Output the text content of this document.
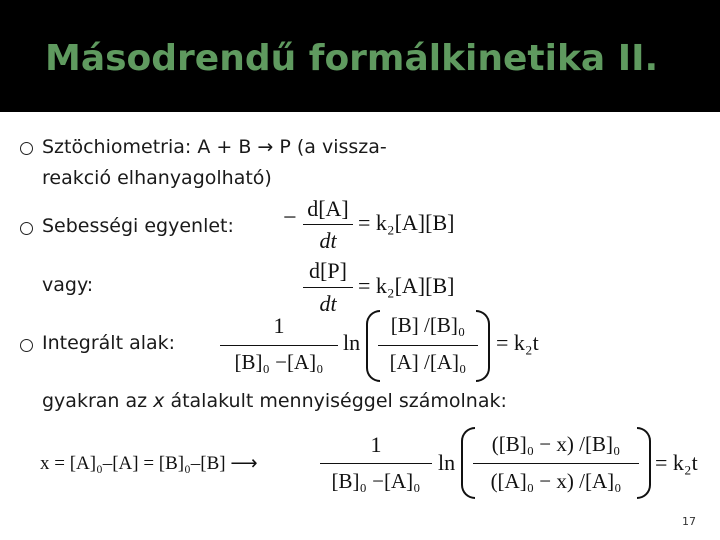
Másodrendű formálkinetika II.
Sztöchiometria: A + B → P (a vissza-
reakció elhanyagolható)
Sebességi egyenlet: − d[A]
dt
= k₂[A][B]
vagy:
d[P]
dt
= k₂[A][B]
Integrált alak:
1
[B]₀ −[A]₀
ln
[B] /[B]₀
[A] /[A]₀
= k₂t
gyakran az x átalakult mennyiséggel számolnak:
x = [A]₀–[A] = [B]₀–[B] ⟶
1
[B]₀ −[A]₀
ln
([B]₀ − x) /[B]₀
([A]₀ − x) /[A]₀
= k₂t
17
